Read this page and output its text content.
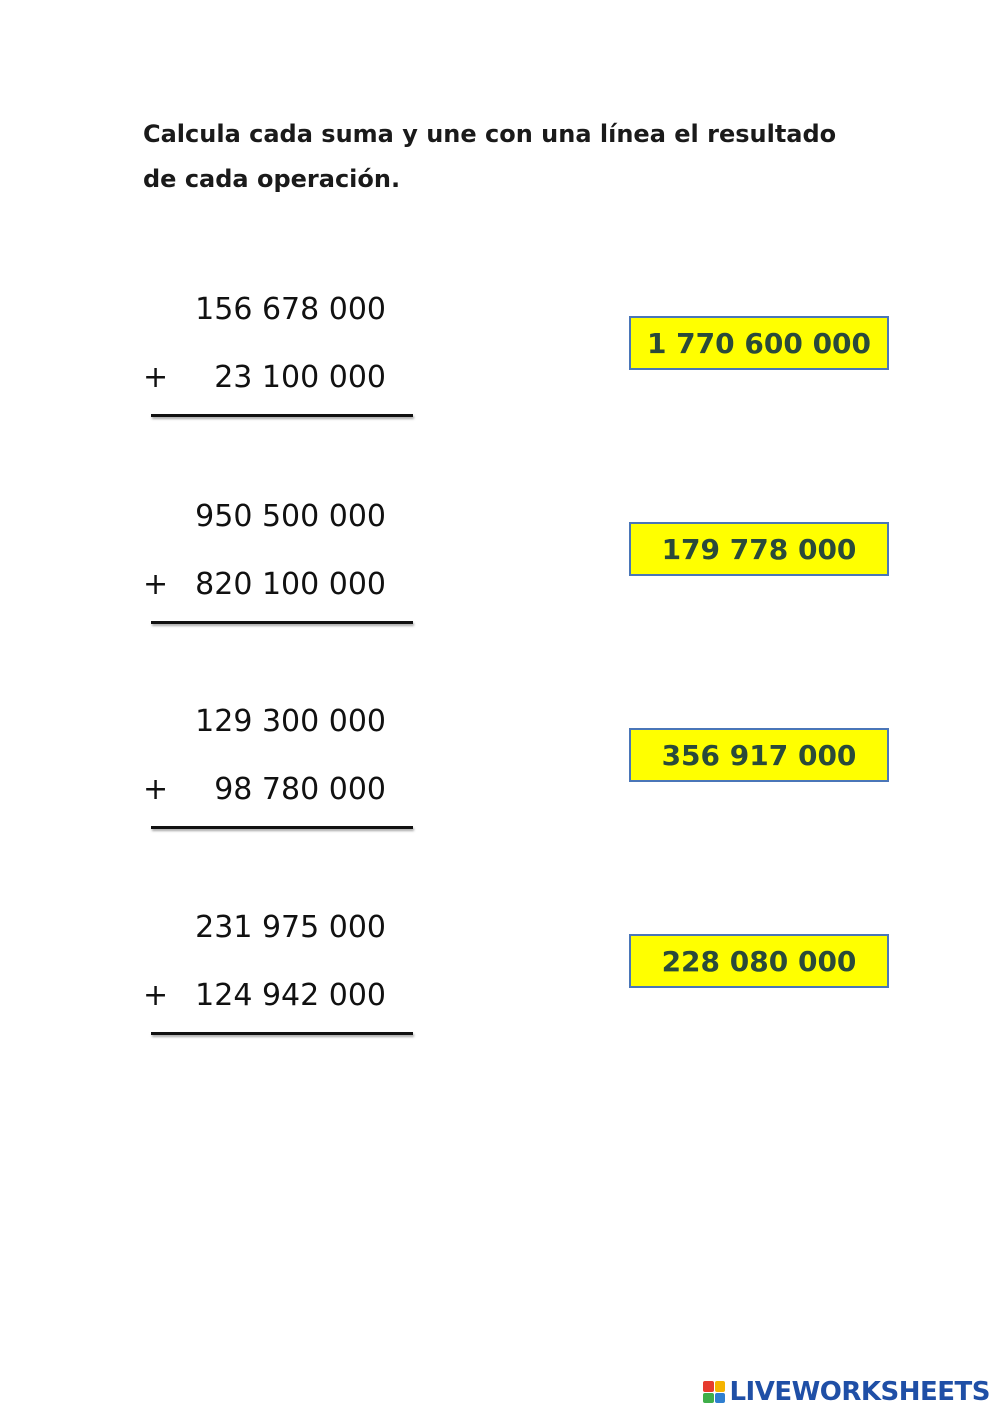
Calcula cada suma y une con una línea el resultado de cada operación.
156 678 000
+ 23 100 000
950 500 000
+ 820 100 000
129 300 000
+ 98 780 000
231 975 000
+ 124 942 000
1 770 600 000
179 778 000
356 917 000
228 080 000
LIVEWORKSHEETS
